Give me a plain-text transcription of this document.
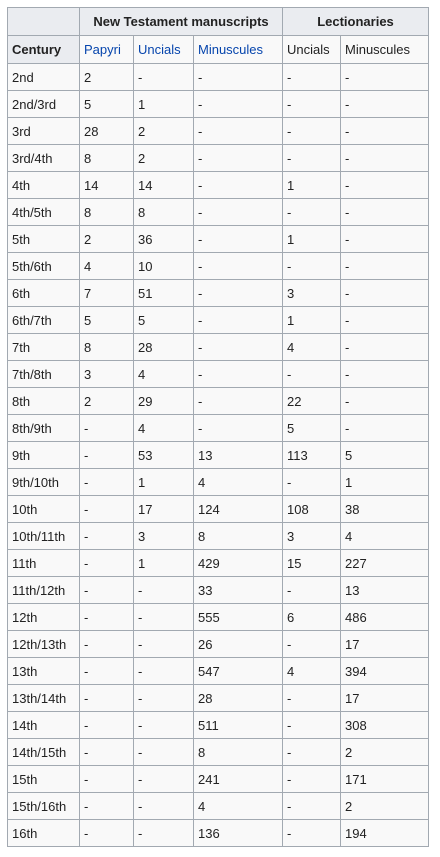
	New Testament manuscripts			Lectionaries	
Century	Papyri	Uncials	Minuscules	Uncials	Minuscules
2nd	2	-	-	-	-
2nd/3rd	5	1	-	-	-
3rd	28	2	-	-	-
3rd/4th	8	2	-	-	-
4th	14	14	-	1	-
4th/5th	8	8	-	-	-
5th	2	36	-	1	-
5th/6th	4	10	-	-	-
6th	7	51	-	3	-
6th/7th	5	5	-	1	-
7th	8	28	-	4	-
7th/8th	3	4	-	-	-
8th	2	29	-	22	-
8th/9th	-	4	-	5	-
9th	-	53	13	113	5
9th/10th	-	1	4	-	1
10th	-	17	124	108	38
10th/11th	-	3	8	3	4
11th	-	1	429	15	227
11th/12th	-	-	33	-	13
12th	-	-	555	6	486
12th/13th	-	-	26	-	17
13th	-	-	547	4	394
13th/14th	-	-	28	-	17
14th	-	-	511	-	308
14th/15th	-	-	8	-	2
15th	-	-	241	-	171
15th/16th	-	-	4	-	2
16th	-	-	136	-	194
